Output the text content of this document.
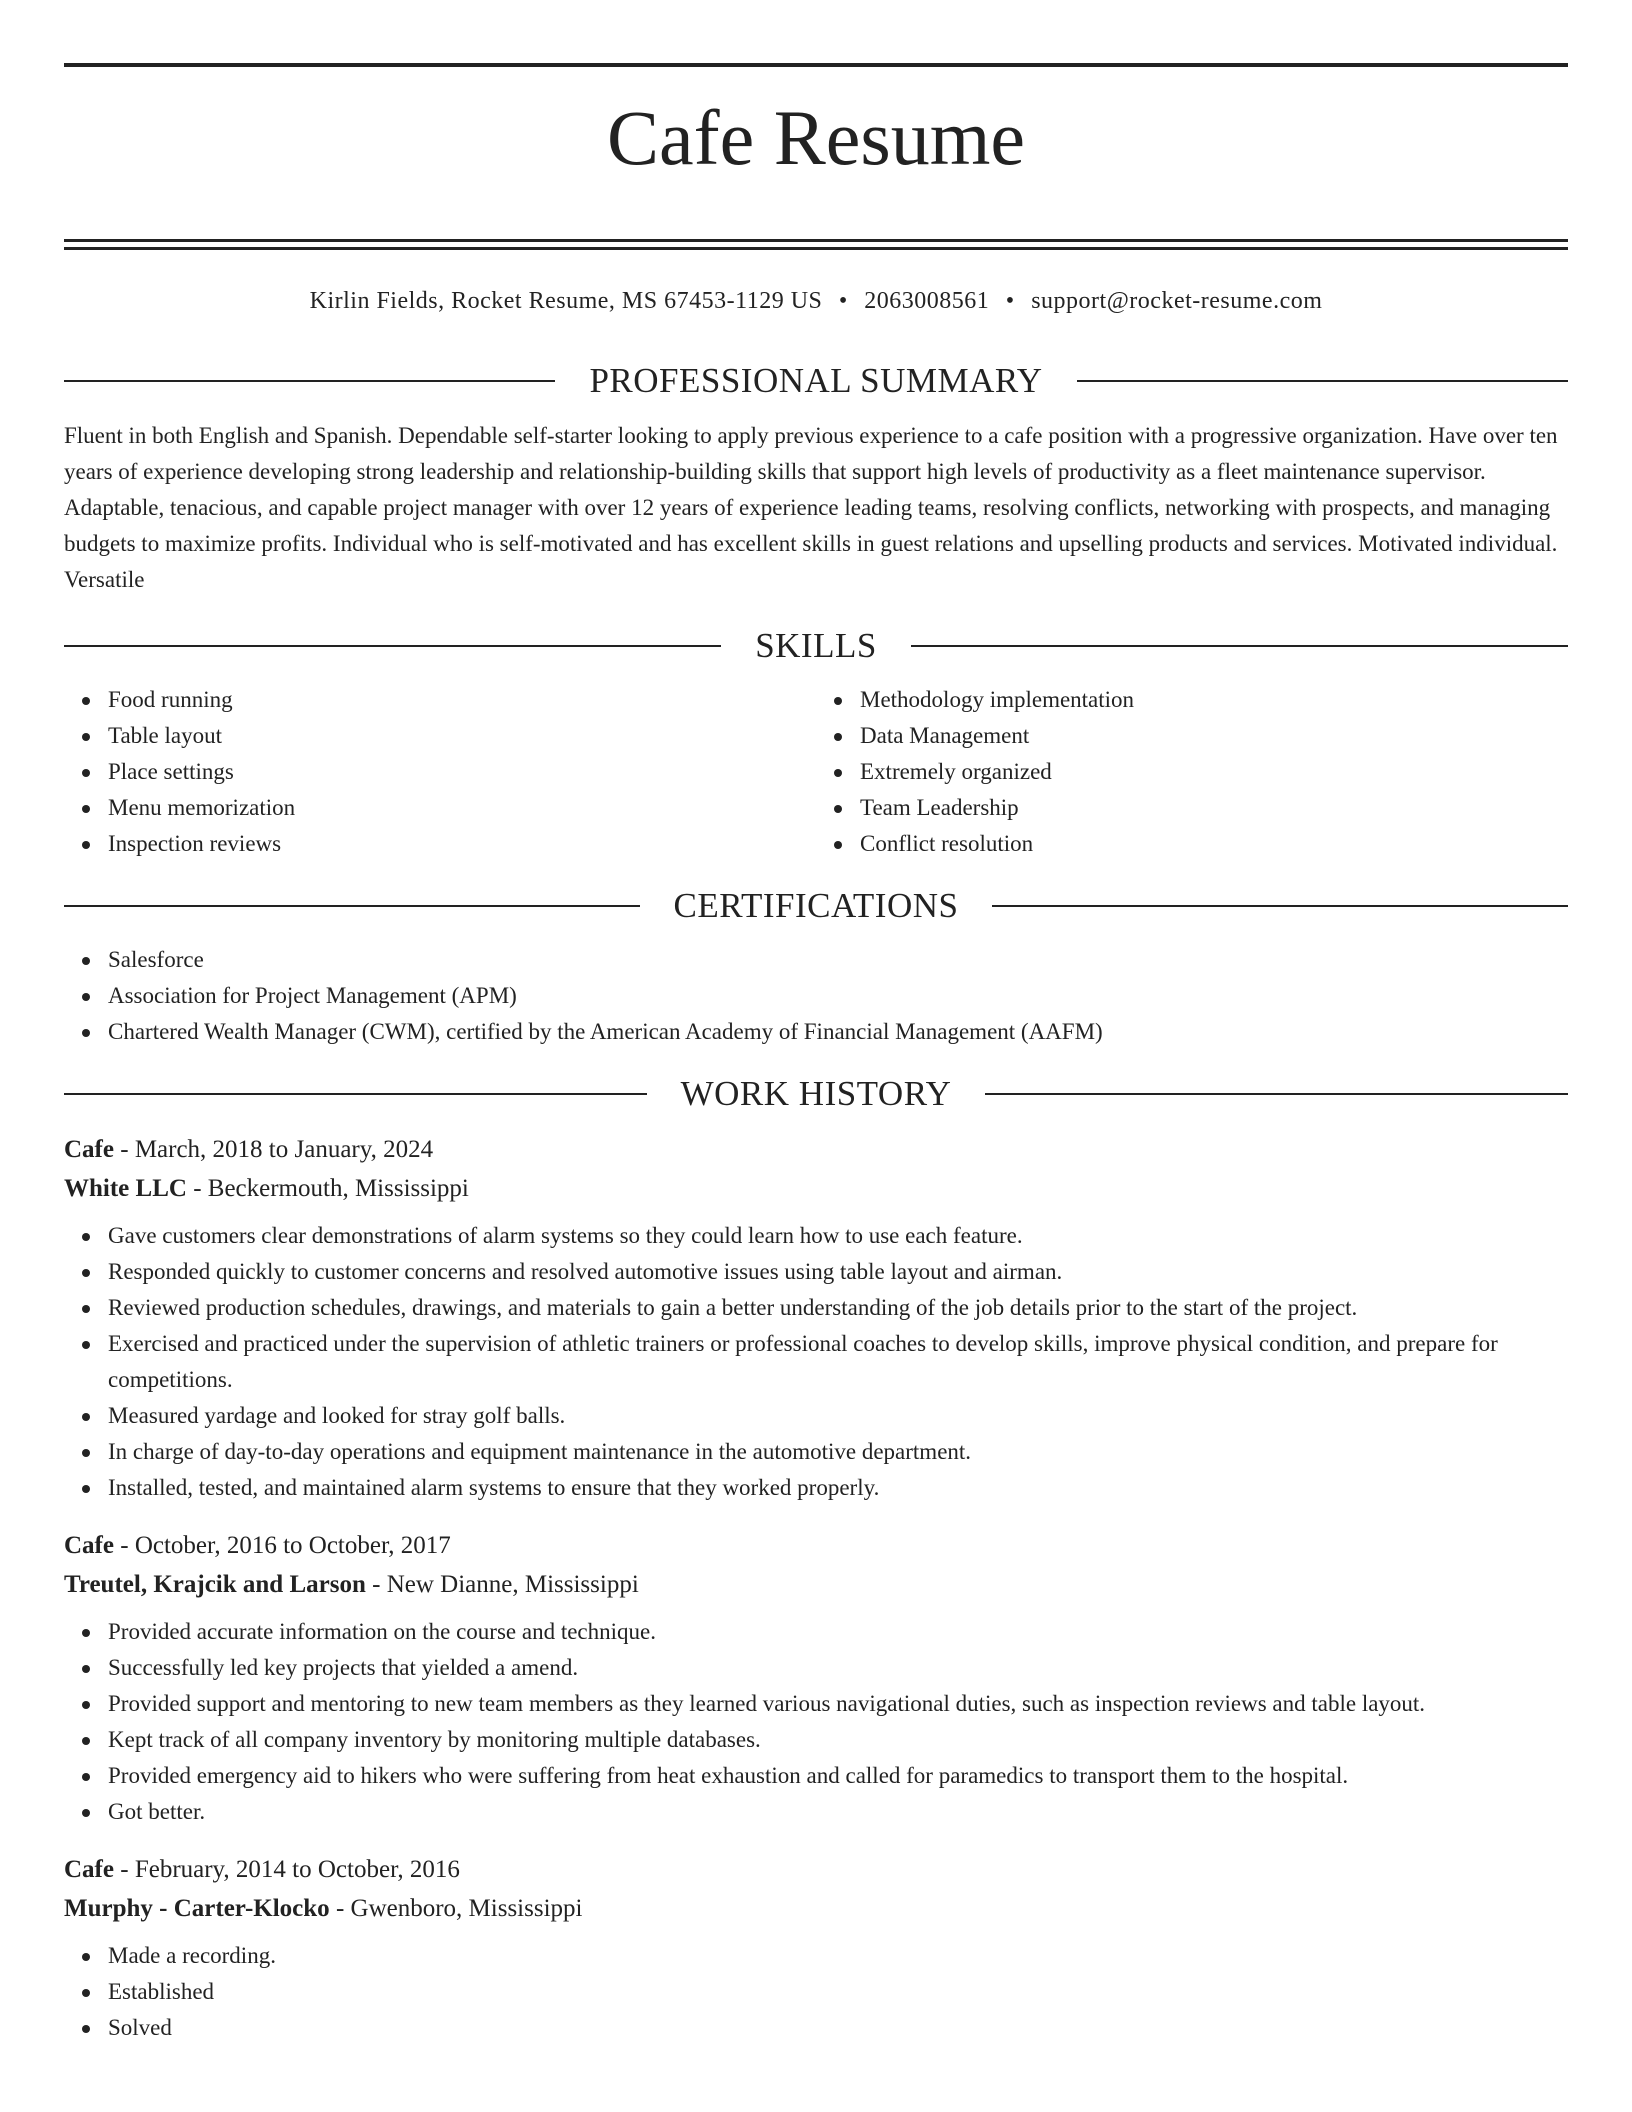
Cafe Resume
Kirlin Fields, Rocket Resume, MS 67453-1129 US • 2063008561 • support@rocket-resume.com
PROFESSIONAL SUMMARY

Fluent in both English and Spanish. Dependable self-starter looking to apply previous experience to a cafe position with a progressive organization. Have over ten years of experience developing strong leadership and relationship-building skills that support high levels of productivity as a fleet maintenance supervisor. Adaptable, tenacious, and capable project manager with over 12 years of experience leading teams, resolving conflicts, networking with prospects, and managing budgets to maximize profits. Individual who is self-motivated and has excellent skills in guest relations and upselling products and services. Motivated individual. Versatile

SKILLS
Food running
Table layout
Place settings
Menu memorization
Inspection reviews
Methodology implementation
Data Management
Extremely organized
Team Leadership
Conflict resolution
CERTIFICATIONS
Salesforce
Association for Project Management (APM)
Chartered Wealth Manager (CWM), certified by the American Academy of Financial Management (AAFM)
WORK HISTORY
Cafe - March, 2018 to January, 2024
White LLC - Beckermouth, Mississippi
Gave customers clear demonstrations of alarm systems so they could learn how to use each feature.
Responded quickly to customer concerns and resolved automotive issues using table layout and airman.
Reviewed production schedules, drawings, and materials to gain a better understanding of the job details prior to the start of the project.
Exercised and practiced under the supervision of athletic trainers or professional coaches to develop skills, improve physical condition, and prepare for competitions.
Measured yardage and looked for stray golf balls.
In charge of day-to-day operations and equipment maintenance in the automotive department.
Installed, tested, and maintained alarm systems to ensure that they worked properly.
Cafe - October, 2016 to October, 2017
Treutel, Krajcik and Larson - New Dianne, Mississippi
Provided accurate information on the course and technique.
Successfully led key projects that yielded a amend.
Provided support and mentoring to new team members as they learned various navigational duties, such as inspection reviews and table layout.
Kept track of all company inventory by monitoring multiple databases.
Provided emergency aid to hikers who were suffering from heat exhaustion and called for paramedics to transport them to the hospital.
Got better.
Cafe - February, 2014 to October, 2016
Murphy - Carter-Klocko - Gwenboro, Mississippi
Made a recording.
Established
Solved
